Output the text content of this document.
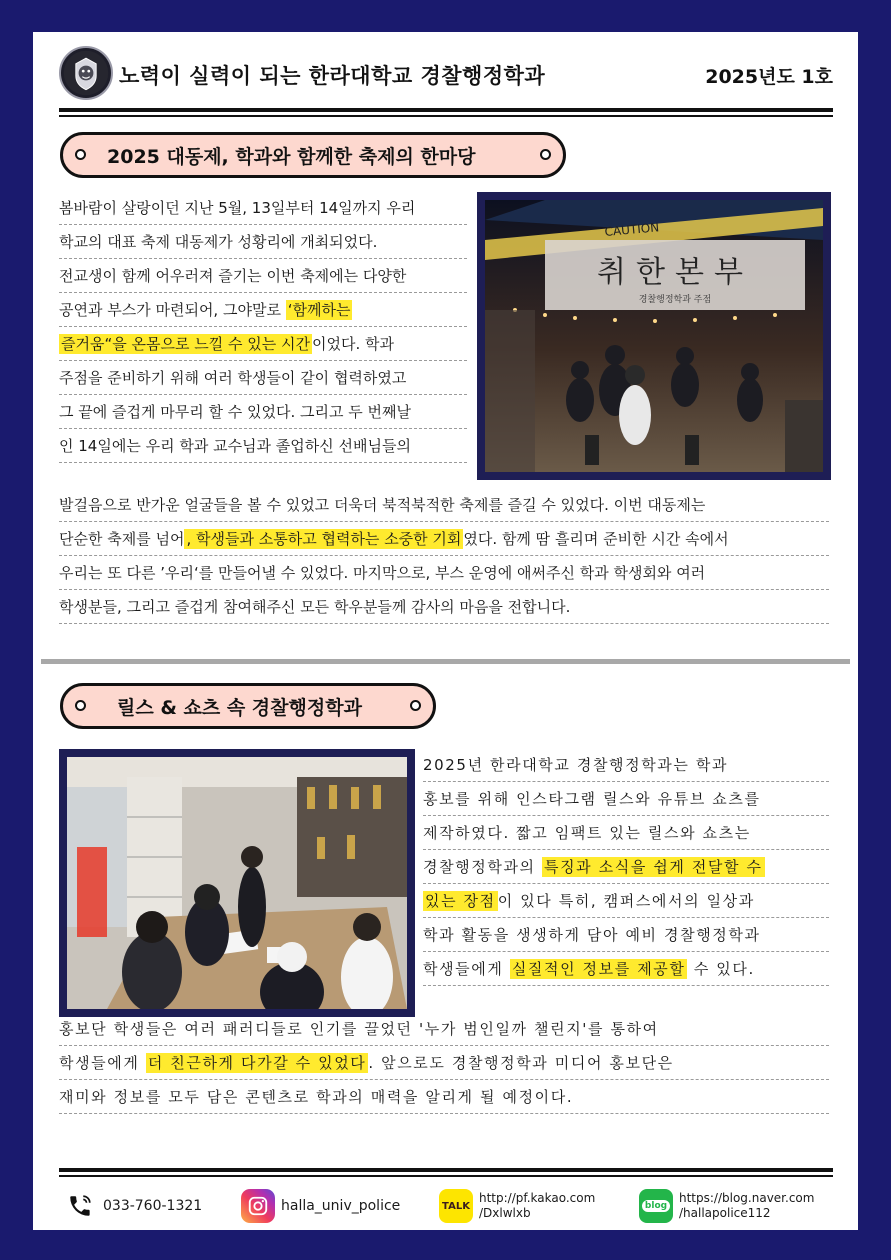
노력이 실력이 되는 한라대학교 경찰행정학과	2025년도 1호
2025 대동제, 학과와 함께한 축제의 한마당
봄바람이 살랑이던 지난 5월, 13일부터 14일까지 우리
학교의 대표 축제 대동제가 성황리에 개최되었다.
전교생이 함께 어우러져 즐기는 이번 축제에는 다양한
공연과 부스가 마련되어, 그야말로 ‘함께하는
즐거움“을 온몸으로 느낄 수 있는 시간 이었다. 학과
주점을 준비하기 위해 여러 학생들이 같이 협력하였고
그 끝에 즐겁게 마무리 할 수 있었다. 그리고 두 번째날
인 14일에는 우리 학과 교수님과 졸업하신 선배님들의
발걸음으로 반가운 얼굴들을 볼 수 있었고 더욱더 북적북적한 축제를 즐길 수 있었다. 이번 대동제는
단순한 축제를 넘어 , 학생들과 소통하고 협력하는 소중한 기회 였다. 함께 땀 흘리며 준비한 시간 속에서
우리는 또 다른 ’우리‘를 만들어낼 수 있었다. 마지막으로, 부스 운영에 애써주신 학과 학생회와 여러
학생분들, 그리고 즐겁게 참여해주신 모든 학우분들께 감사의 마음을 전합니다.
CAUTION
취한본부
경찰행정학과 주점
릴스 & 쇼츠 속 경찰행정학과
2025년 한라대학교 경찰행정학과는 학과
홍보를 위해 인스타그램 릴스와 유튜브 쇼츠를
제작하였다. 짧고 임팩트 있는 릴스와 쇼츠는
경찰행정학과의 특징과 소식을 쉽게 전달할 수
있는 장점 이 있다 특히, 캠퍼스에서의 일상과
학과 활동을 생생하게 담아 예비 경찰행정학과
학생들에게 실질적인 정보를 제공할 수 있다.
홍보단 학생들은 여러 패러디들로 인기를 끌었던 '누가 범인일까 챌린지'를 통하여
학생들에게 더 친근하게 다가갈 수 있었다 . 앞으로도 경찰행정학과 미디어 홍보단은
재미와 정보를 모두 담은 콘텐츠로 학과의 매력을 알리게 될 예정이다.
033-760-1321	halla_univ_police	TALK
http://pf.kakao.com
/Dxlwlxb	blog
https://blog.naver.com
/hallapolice112
